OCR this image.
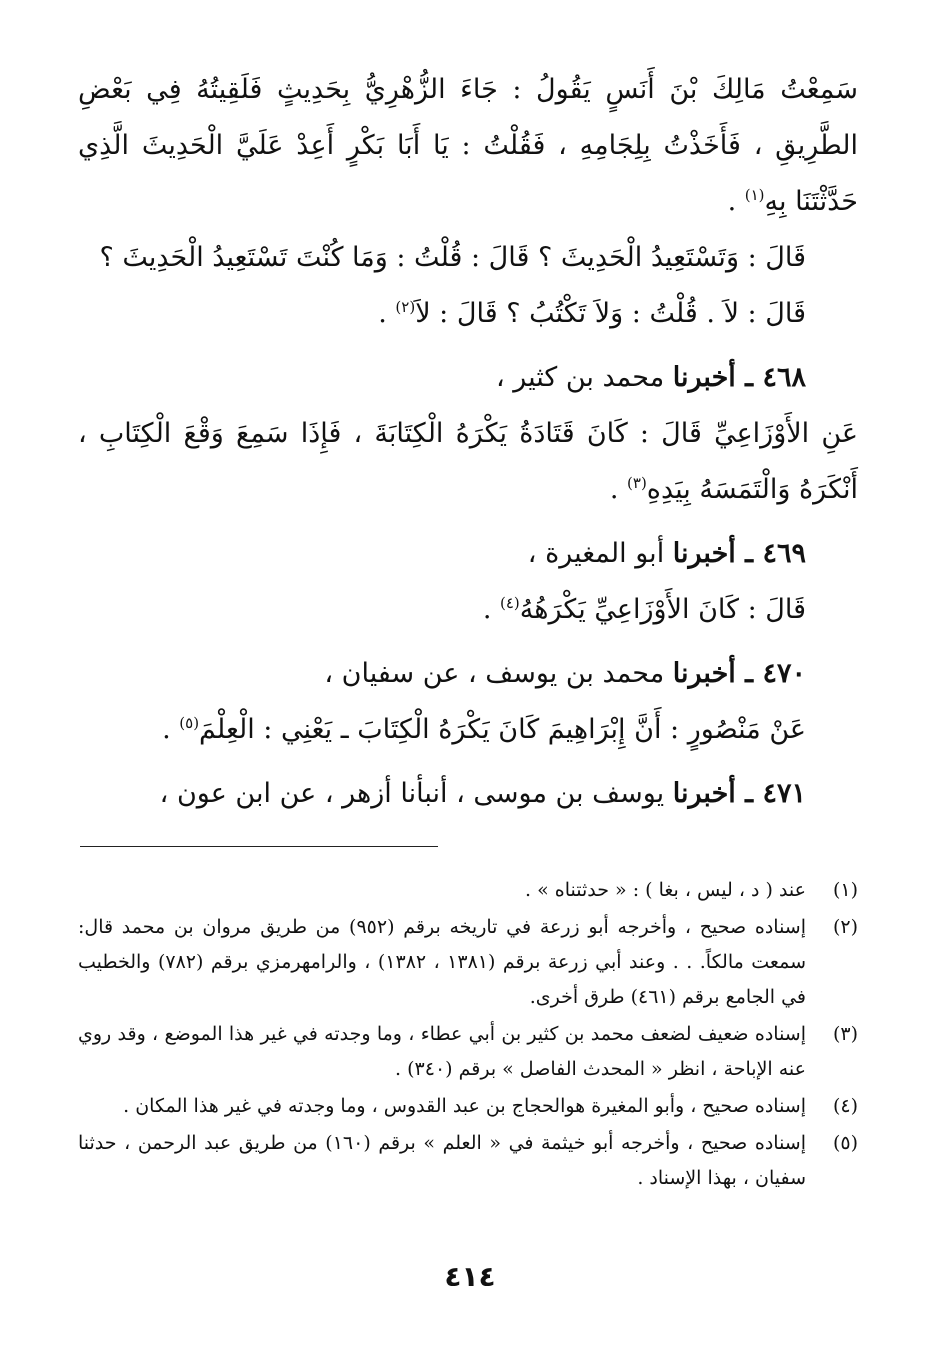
سَمِعْتُ مَالِكَ بْنَ أَنَسٍ يَقُولُ : جَاءَ الزُّهْرِيُّ بِحَدِيثٍ فَلَقِيتُهُ فِي بَعْضِ الطَّرِيقِ ، فَأَخَذْتُ بِلِجَامِهِ ، فَقُلْتُ : يَا أَبَا بَكْرٍ أَعِدْ عَلَيَّ الْحَدِيثَ الَّذِي حَدَّثْتَنَا بِهِ$^{(١)}$ .

قَالَ : وَتَسْتَعِيدُ الْحَدِيثَ ؟ قَالَ : قُلْتُ : وَمَا كُنْتَ تَسْتَعِيدُ الْحَدِيثَ ؟

قَالَ : لاَ . قُلْتُ : وَلاَ تَكْتُبُ ؟ قَالَ : لاَ$^{(٢)}$ .

٤٦٨ ـ أخبرنا محمد بن كثير ،

عَنِ الأَوْزَاعِيِّ قَالَ : كَانَ قَتَادَةُ يَكْرَهُ الْكِتَابَةَ ، فَإِذَا سَمِعَ وَقْعَ الْكِتَابِ ، أَنْكَرَهُ وَالْتَمَسَهُ بِيَدِهِ$^{(٣)}$ .

٤٦٩ ـ أخبرنا أبو المغيرة ،

قَالَ : كَانَ الأَوْزَاعِيِّ يَكْرَهُهُ$^{(٤)}$ .

٤٧٠ ـ أخبرنا محمد بن يوسف ، عن سفيان ،

عَنْ مَنْصُورٍ : أَنَّ إِبْرَاهِيمَ كَانَ يَكْرَهُ الْكِتَابَ ـ يَعْنِي : الْعِلْمَ$^{(٥)}$ .

٤٧١ ـ أخبرنا يوسف بن موسى ، أنبأنا أزهر ، عن ابن عون ،

(١)
عند ( د ، ليس ، بغا ) : « حدثتناه » .
(٢)
إسناده صحيح ، وأخرجه أبو زرعة في تاريخه برقم (٩٥٢) من طريق مروان بن محمد قال: سمعت مالكاً. . . وعند أبي زرعة برقم (١٣٨١ ، ١٣٨٢) ، والرامهرمزي برقم (٧٨٢) والخطيب في الجامع برقم (٤٦١) طرق أخرى.
(٣)
إسناده ضعيف لضعف محمد بن كثير بن أبي عطاء ، وما وجدته في غير هذا الموضع ، وقد روي عنه الإباحة ، انظر « المحدث الفاصل » برقم (٣٤٠) .
(٤)
إسناده صحيح ، وأبو المغيرة هوالحجاج بن عبد القدوس ، وما وجدته في غير هذا المكان .
(٥)
إسناده صحيح ، وأخرجه أبو خيثمة في « العلم » برقم (١٦٠) من طريق عبد الرحمن ، حدثنا سفيان ، بهذا الإسناد .
٤١٤
